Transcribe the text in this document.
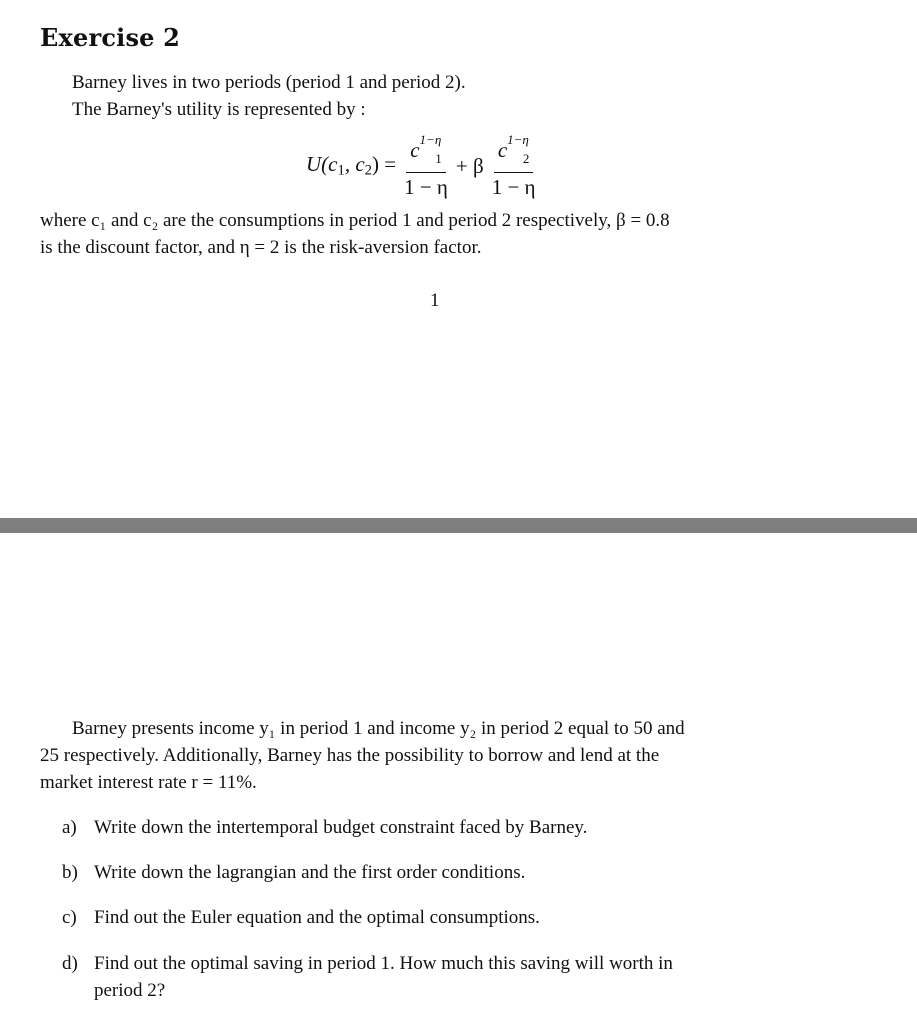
Exercise 2

Barney lives in two periods (period 1 and period 2).

The Barney's utility is represented by :

$U(c_1$, $c_2) = \frac{c^{1-\eta}_1}{1 - \eta} + \beta \frac{c^{1-\eta}_2}{1 - \eta}$

where c₁ and c₂ are the consumptions in period 1 and period 2 respectively, β = 0.8

is the discount factor, and η = 2 is the risk-aversion factor.

1

Barney presents income y₁ in period 1 and income y₂ in period 2 equal to 50 and

25 respectively. Additionally, Barney has the possibility to borrow and lend at the

market interest rate r = 11%.

a) Write down the intertemporal budget constraint faced by Barney.
b) Write down the lagrangian and the first order conditions.
c) Find out the Euler equation and the optimal consumptions.
d) Find out the optimal saving in period 1. How much this saving will worth in
period 2?
